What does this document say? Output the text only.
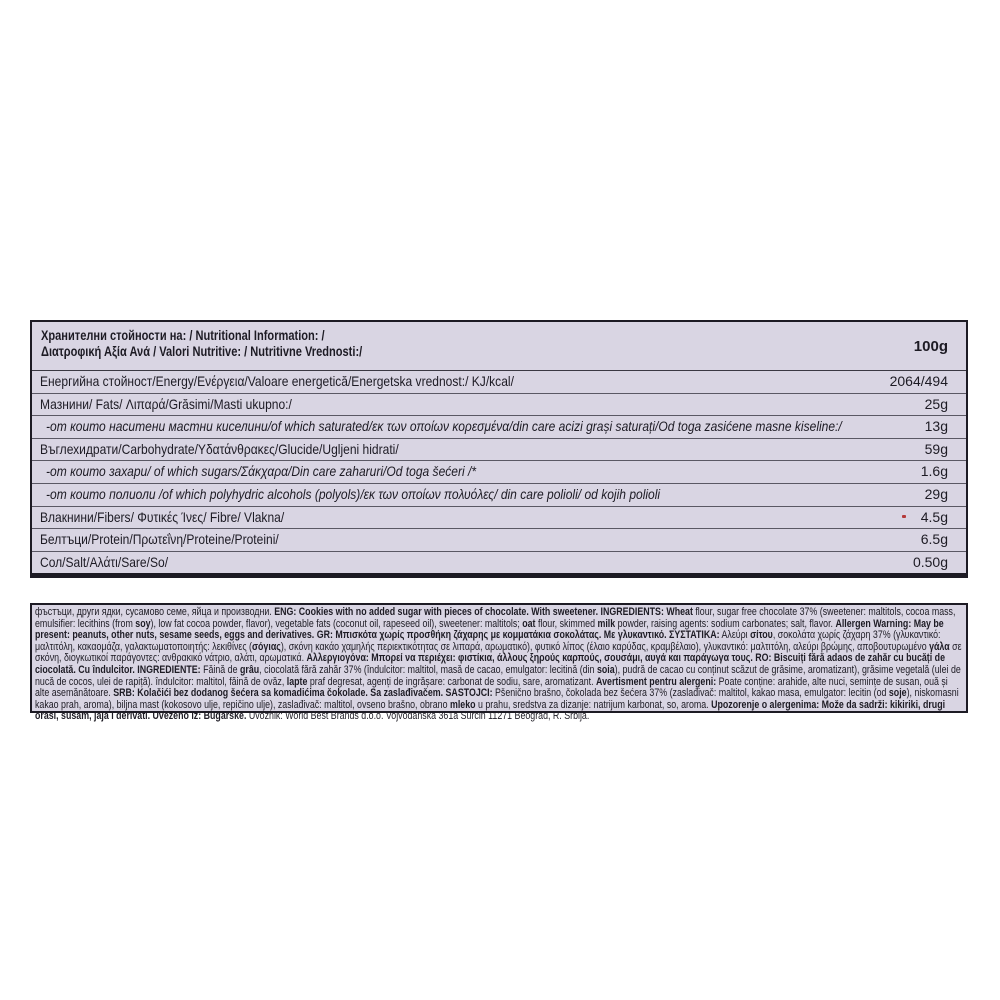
Хранителни стойности на: / Nutritional Information: /
Διατροφική Αξία Ανά / Valori Nutritive: / Nutritivne Vrednosti:/	100g
Енергийна стойност/Energy/Ενέργεια/Valoare energetică/Energetska vrednost:/ KJ/kcal/	2064/494
Мазнини/ Fats/ Λιπαρά/Grăsimi/Masti ukupno:/	25g
-от които наситени мастни киселини/of which saturated/εκ των οποίων κορεσμένα/din care acizi grași saturați/Od toga zasićene masne kiseline:/	13g
Въглехидрати/Carbohydrate/Υδατάνθρακες/Glucide/Ugljeni hidrati/	59g
-от които захари/ of which sugars/Σάκχαρα/Din care zaharuri/Od toga šećeri /*	1.6g
-от които полиоли /of which polyhydric alcohols (polyols)/εκ των οποίων πολυόλες/ din care polioli/ od kojih polioli	29g
Влакнини/Fibers/ Φυτικές Ίνες/ Fibre/ Vlakna/	4.5g
Белтъци/Protein/Πρωτεΐνη/Proteine/Proteini/	6.5g
Сол/Salt/Αλάτι/Sare/So/	0.50g
фъстъци, други ядки, сусамово семе, яйца и производни. ENG: Cookies with no added sugar with pieces of chocolate. With sweetener. INGREDIENTS: Wheat flour, sugar free chocolate 37% (sweetener: maltitols, cocoa mass, emulsifier: lecithins (from soy), low fat cocoa powder, flavor), vegetable fats (coconut oil, rapeseed oil), sweetener: maltitols; oat flour, skimmed milk powder, raising agents: sodium carbonates; salt, flavor. Allergen Warning: May be present: peanuts, other nuts, sesame seeds, eggs and derivatives. GR: Μπισκότα χωρίς προσθήκη ζάχαρης με κομματάκια σοκολάτας. Με γλυκαντικό. ΣΥΣΤΑΤΙΚΑ: Αλεύρι σίτου, σοκολάτα χωρίς ζάχαρη 37% (γλυκαντικό: μαλτιτόλη, κακαομάζα, γαλακτωματοποιητής: λεκιθίνες (σόγιας), σκόνη κακάο χαμηλής περιεκτικότητας σε λιπαρά, αρωματικό), φυτικό λίπος (έλαιο καρύδας, κραμβέλαιο), γλυκαντικό: μαλτιτόλη, αλεύρι βρώμης, αποβουτυρωμένο γάλα σε σκόνη, διογκωτικοί παράγοντες: ανθρακικό νάτριο, αλάτι, αρωματικά. Αλλεργιογόνα: Μπορεί να περιέχει: φιστίκια, άλλους ξηρούς καρπούς, σουσάμι, αυγά και παράγωγα τους. RO: Biscuiți fără adaos de zahăr cu bucăți de ciocolată. Cu îndulcitor. INGREDIENTE: Făină de grâu, ciocolată fără zahăr 37% (îndulcitor: maltitol, masă de cacao, emulgator: lecitină (din soia), pudră de cacao cu conținut scăzut de grăsime, aromatizant), grăsime vegetală (ulei de nucă de cocos, ulei de rapiță). îndulcitor: maltitol, făină de ovăz, lapte praf degresat, agenți de ingrășare: carbonat de sodiu, sare, aromatizant. Avertisment pentru alergeni: Poate conține: arahide, alte nuci, semințe de susan, ouă și alte asemănătoare. SRB: Kolačići bez dodanog šećera sa komadićima čokolade. Sa zaslađivačem. SASTOJCI: Pšenično brašno, čokolada bez šećera 37% (zaslađivač: maltitol, kakao masa, emulgator: lecitin (od soje), niskomasni kakao prah, aroma), biljna mast (kokosovo ulje, repičino ulje), zaslađivač: maltitol, ovseno brašno, obrano mleko u prahu, sredstva za dizanje: natrijum karbonat, so, aroma. Upozorenje o alergenima: Može da sadrži: kikiriki, drugi orasi, susam, jaja i derivati. Uvezeno iz: Bugarske. Uvoznik: World Best Brands d.o.o. Vojvođanska 361a Surčin 11271 Beograd, R. Srbija.
